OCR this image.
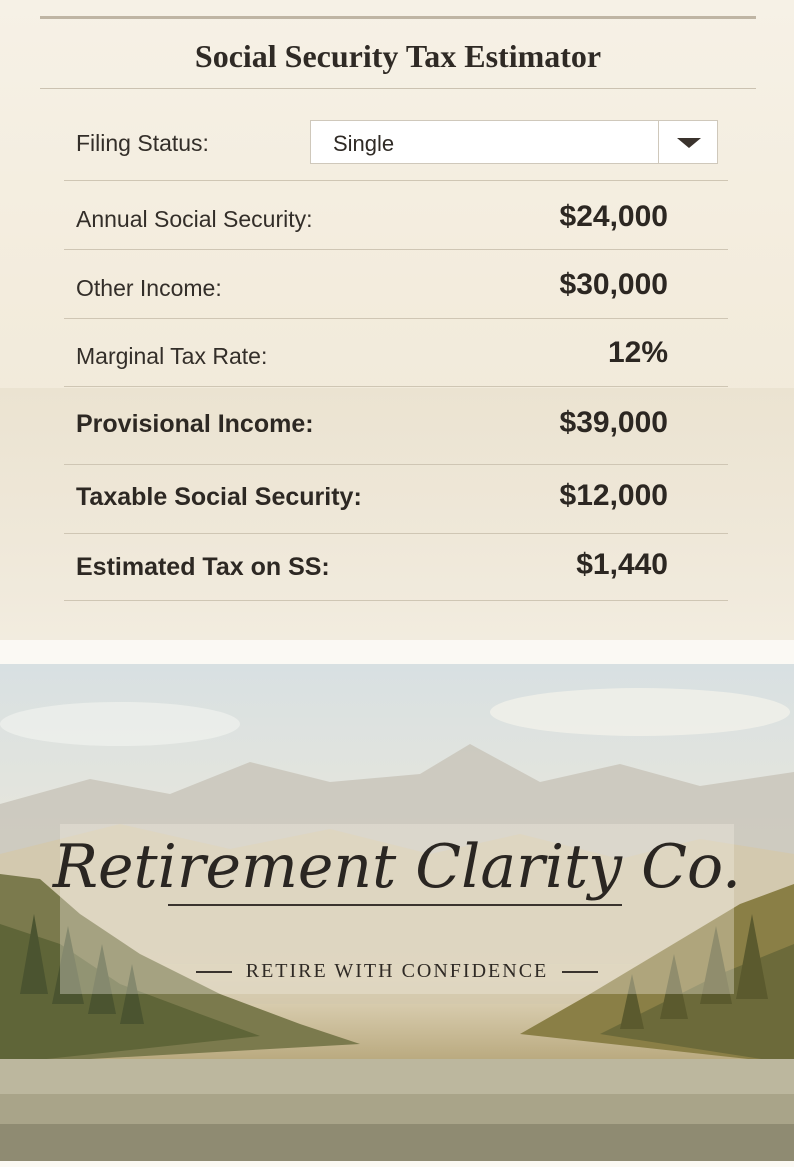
Social Security Tax Estimator
Filing Status:	Single
Annual Social Security:	$24,000
Other Income:	$30,000
Marginal Tax Rate:	12%
Provisional Income:	$39,000
Taxable Social Security:	$12,000
Estimated Tax on SS:	$1,440
Retirement Clarity Co.
RETIRE WITH CONFIDENCE
